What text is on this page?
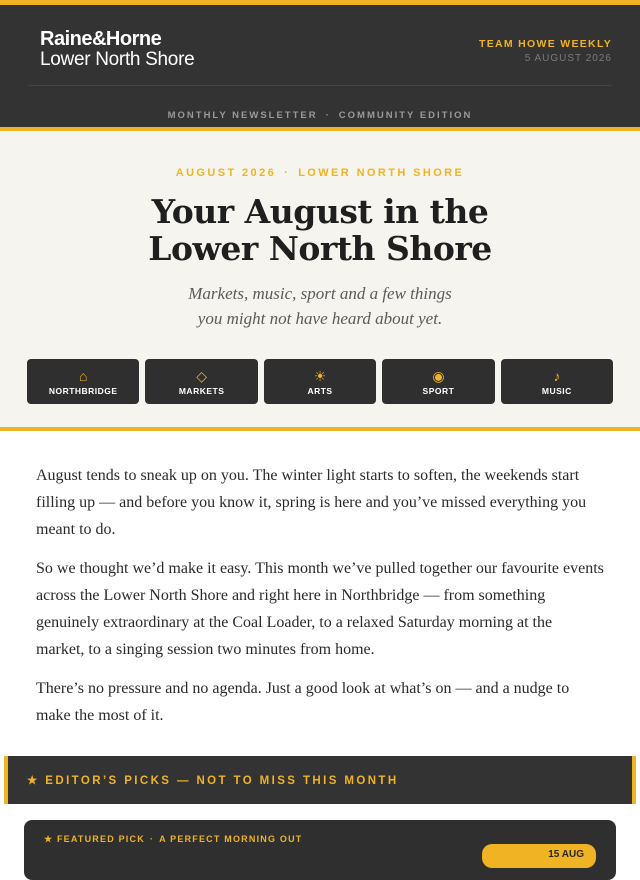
Raine&Horne
Lower North Shore
TEAM HOWE WEEKLY
5 AUGUST 2026
MONTHLY NEWSLETTER · COMMUNITY EDITION
AUGUST 2026 · LOWER NORTH SHORE
Your August in the
Lower North Shore
Markets, music, sport and a few things
you might not have heard about yet.
⌂
NORTHBRIDGE
◇
MARKETS
☀
ARTS
◉
SPORT
♪
MUSIC

August tends to sneak up on you. The winter light starts to soften, the weekends start filling up — and before you know it, spring is here and you’ve missed everything you meant to do.

So we thought we’d make it easy. This month we’ve pulled together our favourite events across the Lower North Shore and right here in Northbridge — from something genuinely extraordinary at the Coal Loader, to a relaxed Saturday morning at the market, to a singing session two minutes from home.

There’s no pressure and no agenda. Just a good look at what’s on — and a nudge to make the most of it.

★ EDITOR’S PICKS — NOT TO MISS THIS MONTH
★ FEATURED PICK · A PERFECT MORNING OUT
15 AUG
